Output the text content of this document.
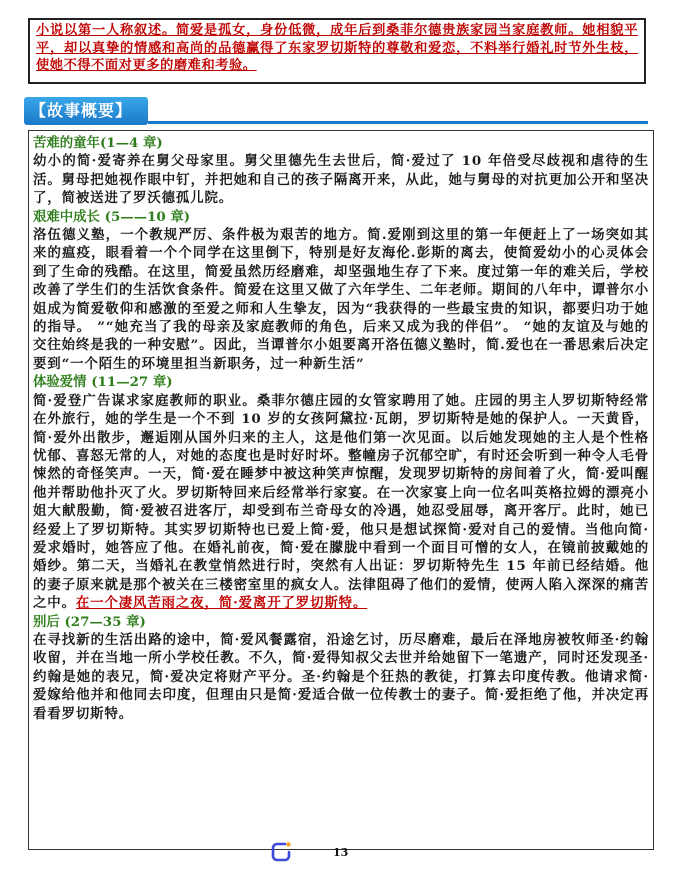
小说以第一人称叙述。简爱是孤女，身份低微，成年后到桑菲尔德贵族家园当家庭教师。她相貌平平，却以真挚的情感和高尚的品德赢得了东家罗切斯特的尊敬和爱恋，不料举行婚礼时节外生枝，使她不得不面对更多的磨难和考验。

【故事概要】

苦难的童年(1—4 章)

幼小的简·爱寄养在舅父母家里。舅父里德先生去世后，简·爱过了 10 年倍受尽歧视和虐待的生活。舅母把她视作眼中钉，并把她和自己的孩子隔离开来，从此，她与舅母的对抗更加公开和坚决了，简被送进了罗沃德孤儿院。

艰难中成长 (5——10 章)

洛伍德义塾，一个教规严厉、条件极为艰苦的地方。简.爱刚到这里的第一年便赶上了一场突如其来的瘟疫，眼看着一个个同学在这里倒下，特别是好友海伦.彭斯的离去，使简爱幼小的心灵体会到了生命的残酷。在这里，简爱虽然历经磨难，却坚强地生存了下来。度过第一年的难关后，学校改善了学生们的生活饮食条件。简爱在这里又做了六年学生、二年老师。期间的八年中，谭普尔小姐成为简爱敬仰和感激的至爱之师和人生挚友，因为“我获得的一些最宝贵的知识，都要归功于她的指导。 ”“她充当了我的母亲及家庭教师的角色，后来又成为我的伴侣”。 “她的友谊及与她的交往始终是我的一种安慰”。因此，当谭普尔小姐要离开洛伍德义塾时，简.爱也在一番思索后决定要到“一个陌生的环境里担当新职务，过一种新生活”

体验爱情 (11—27 章)

简·爱登广告谋求家庭教师的职业。桑菲尔德庄园的女管家聘用了她。庄园的男主人罗切斯特经常在外旅行，她的学生是一个不到 10 岁的女孩阿黛拉·瓦朗，罗切斯特是她的保护人。一天黄昏，简·爱外出散步，邂逅刚从国外归来的主人，这是他们第一次见面。以后她发现她的主人是个性格忧郁、喜怒无常的人，对她的态度也是时好时坏。整幢房子沉郁空旷，有时还会听到一种令人毛骨悚然的奇怪笑声。一天，简·爱在睡梦中被这种笑声惊醒，发现罗切斯特的房间着了火，简·爱叫醒他并帮助他扑灭了火。罗切斯特回来后经常举行家宴。在一次家宴上向一位名叫英格拉姆的漂亮小姐大献殷勤，简·爱被召进客厅，却受到布兰奇母女的冷遇，她忍受屈辱，离开客厅。此时，她已经爱上了罗切斯特。其实罗切斯特也已爱上简·爱，他只是想试探简·爱对自己的爱情。当他向简·爱求婚时，她答应了他。在婚礼前夜，简·爱在朦胧中看到一个面目可憎的女人，在镜前披戴她的婚纱。第二天，当婚礼在教堂悄然进行时，突然有人出证：罗切斯特先生 15 年前已经结婚。他的妻子原来就是那个被关在三楼密室里的疯女人。法律阻碍了他们的爱情，使两人陷入深深的痛苦之中。在一个凄风苦雨之夜，简·爱离开了罗切斯特。

别后 (27—35 章)

在寻找新的生活出路的途中，简·爱风餐露宿，沿途乞讨，历尽磨难，最后在泽地房被牧师圣·约翰收留，并在当地一所小学校任教。不久，简·爱得知叔父去世并给她留下一笔遗产，同时还发现圣·约翰是她的表兄，简·爱决定将财产平分。圣·约翰是个狂热的教徒，打算去印度传教。他请求简·爱嫁给他并和他同去印度，但理由只是简·爱适合做一位传教士的妻子。简·爱拒绝了他，并决定再看看罗切斯特。

13
